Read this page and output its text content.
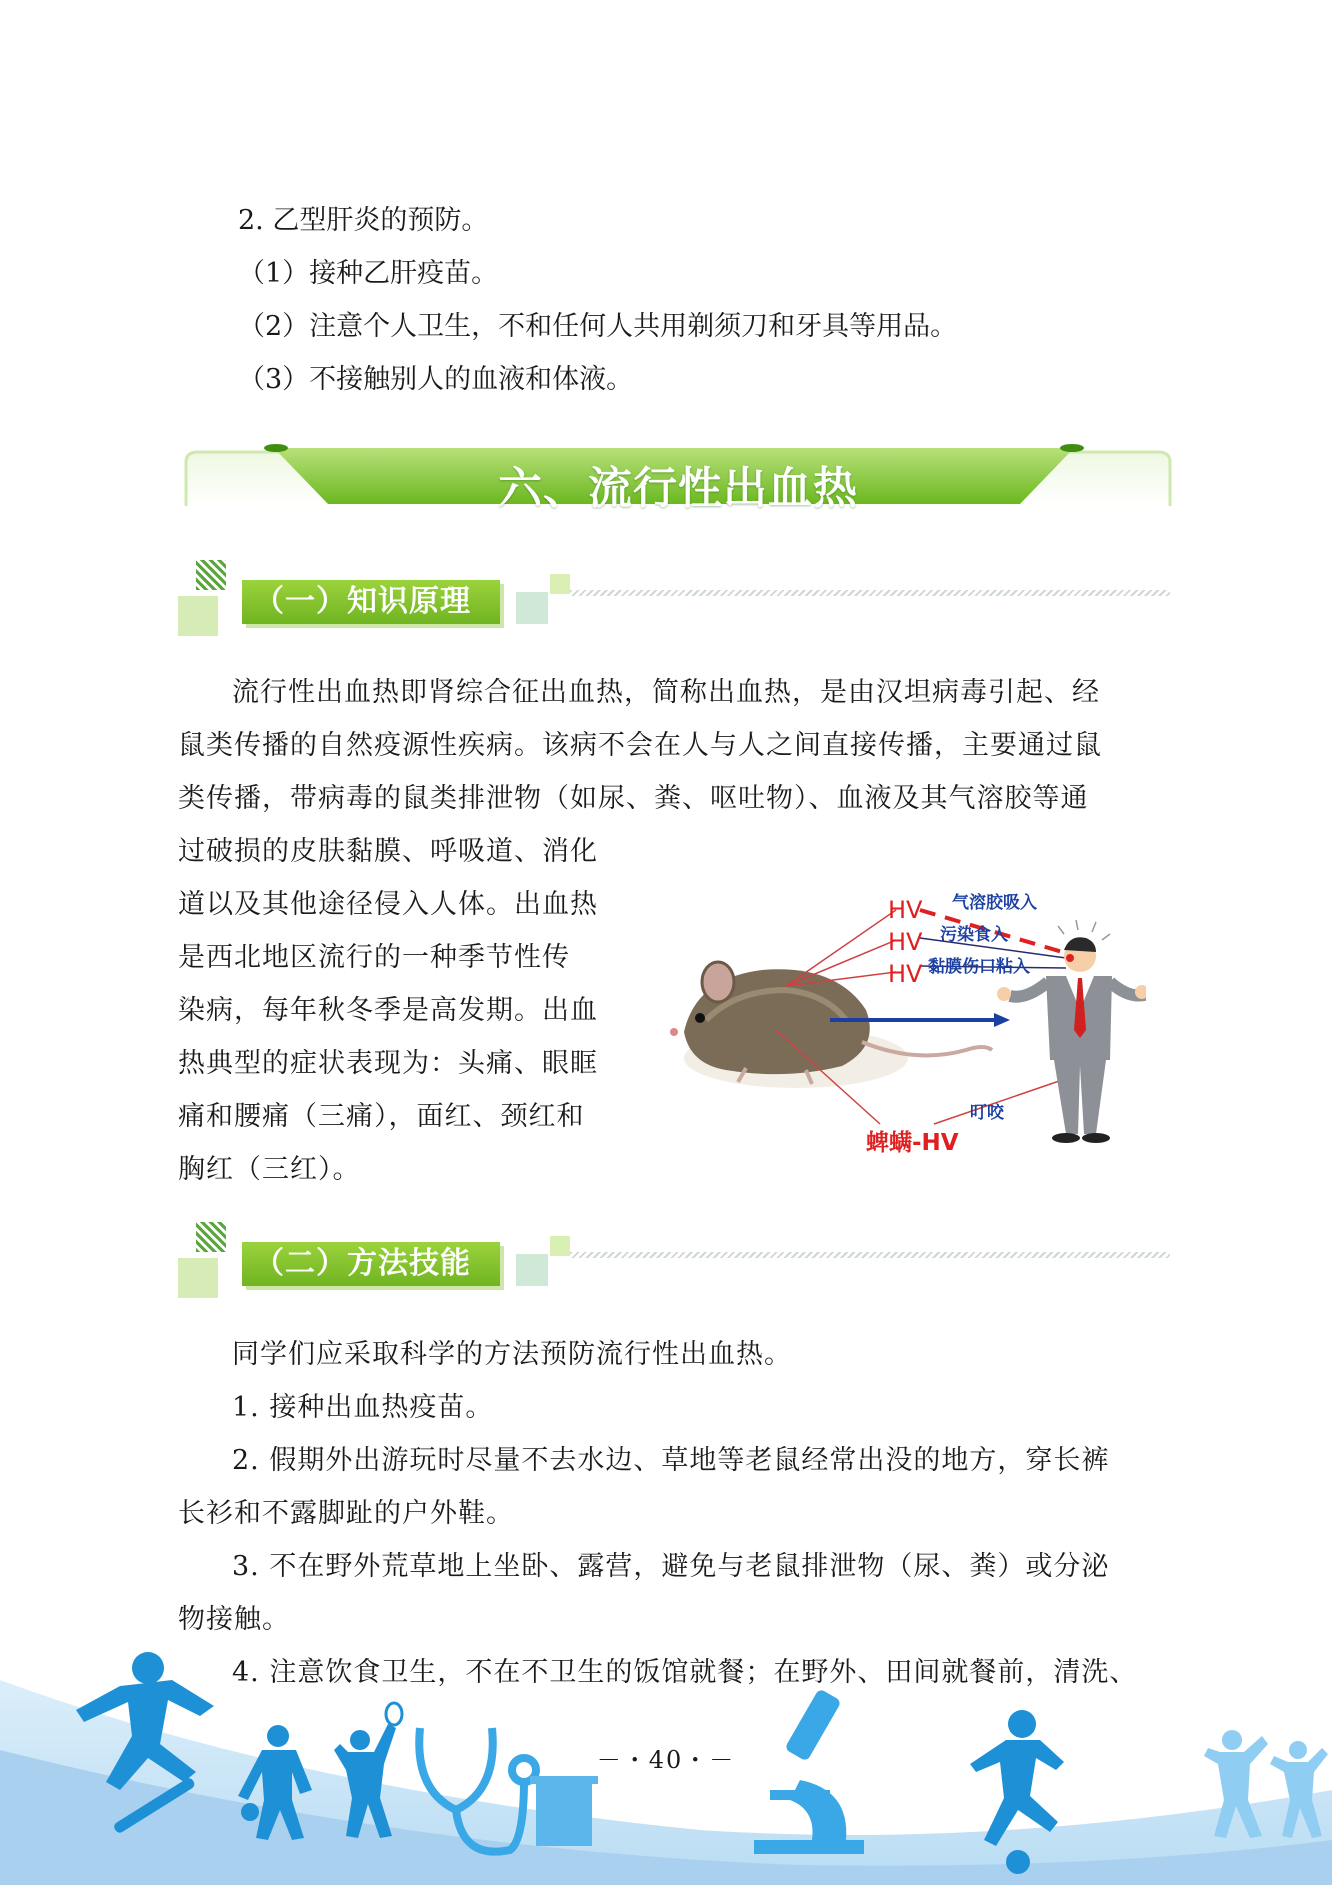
2. 乙型肝炎的预防。
（1）接种乙肝疫苗。
（2）注意个人卫生，不和任何人共用剃须刀和牙具等用品。
（3）不接触别人的血液和体液。
六、流行性出血热
（一）知识原理

流行性出血热即肾综合征出血热，简称出血热，是由汉坦病毒引起、经

鼠类传播的自然疫源性疾病。该病不会在人与人之间直接传播，主要通过鼠

类传播，带病毒的鼠类排泄物（如尿、粪、呕吐物）、血液及其气溶胶等通

过破损的皮肤黏膜、呼吸道、消化

道以及其他途径侵入人体。出血热

是西北地区流行的一种季节性传

染病，每年秋冬季是高发期。出血

热典型的症状表现为：头痛、眼眶

痛和腰痛（三痛），面红、颈红和

胸红（三红）。

HV
HV
HV
气溶胶吸入
污染食入
黏膜伤口粘入
叮咬
蜱螨-HV
（二）方法技能

同学们应采取科学的方法预防流行性出血热。

1. 接种出血热疫苗。

2. 假期外出游玩时尽量不去水边、草地等老鼠经常出没的地方，穿长裤

长衫和不露脚趾的户外鞋。

3. 不在野外荒草地上坐卧、露营，避免与老鼠排泄物（尿、粪）或分泌

物接触。

4. 注意饮食卫生，不在不卫生的饭馆就餐；在野外、田间就餐前，清洗、

－・40・－
